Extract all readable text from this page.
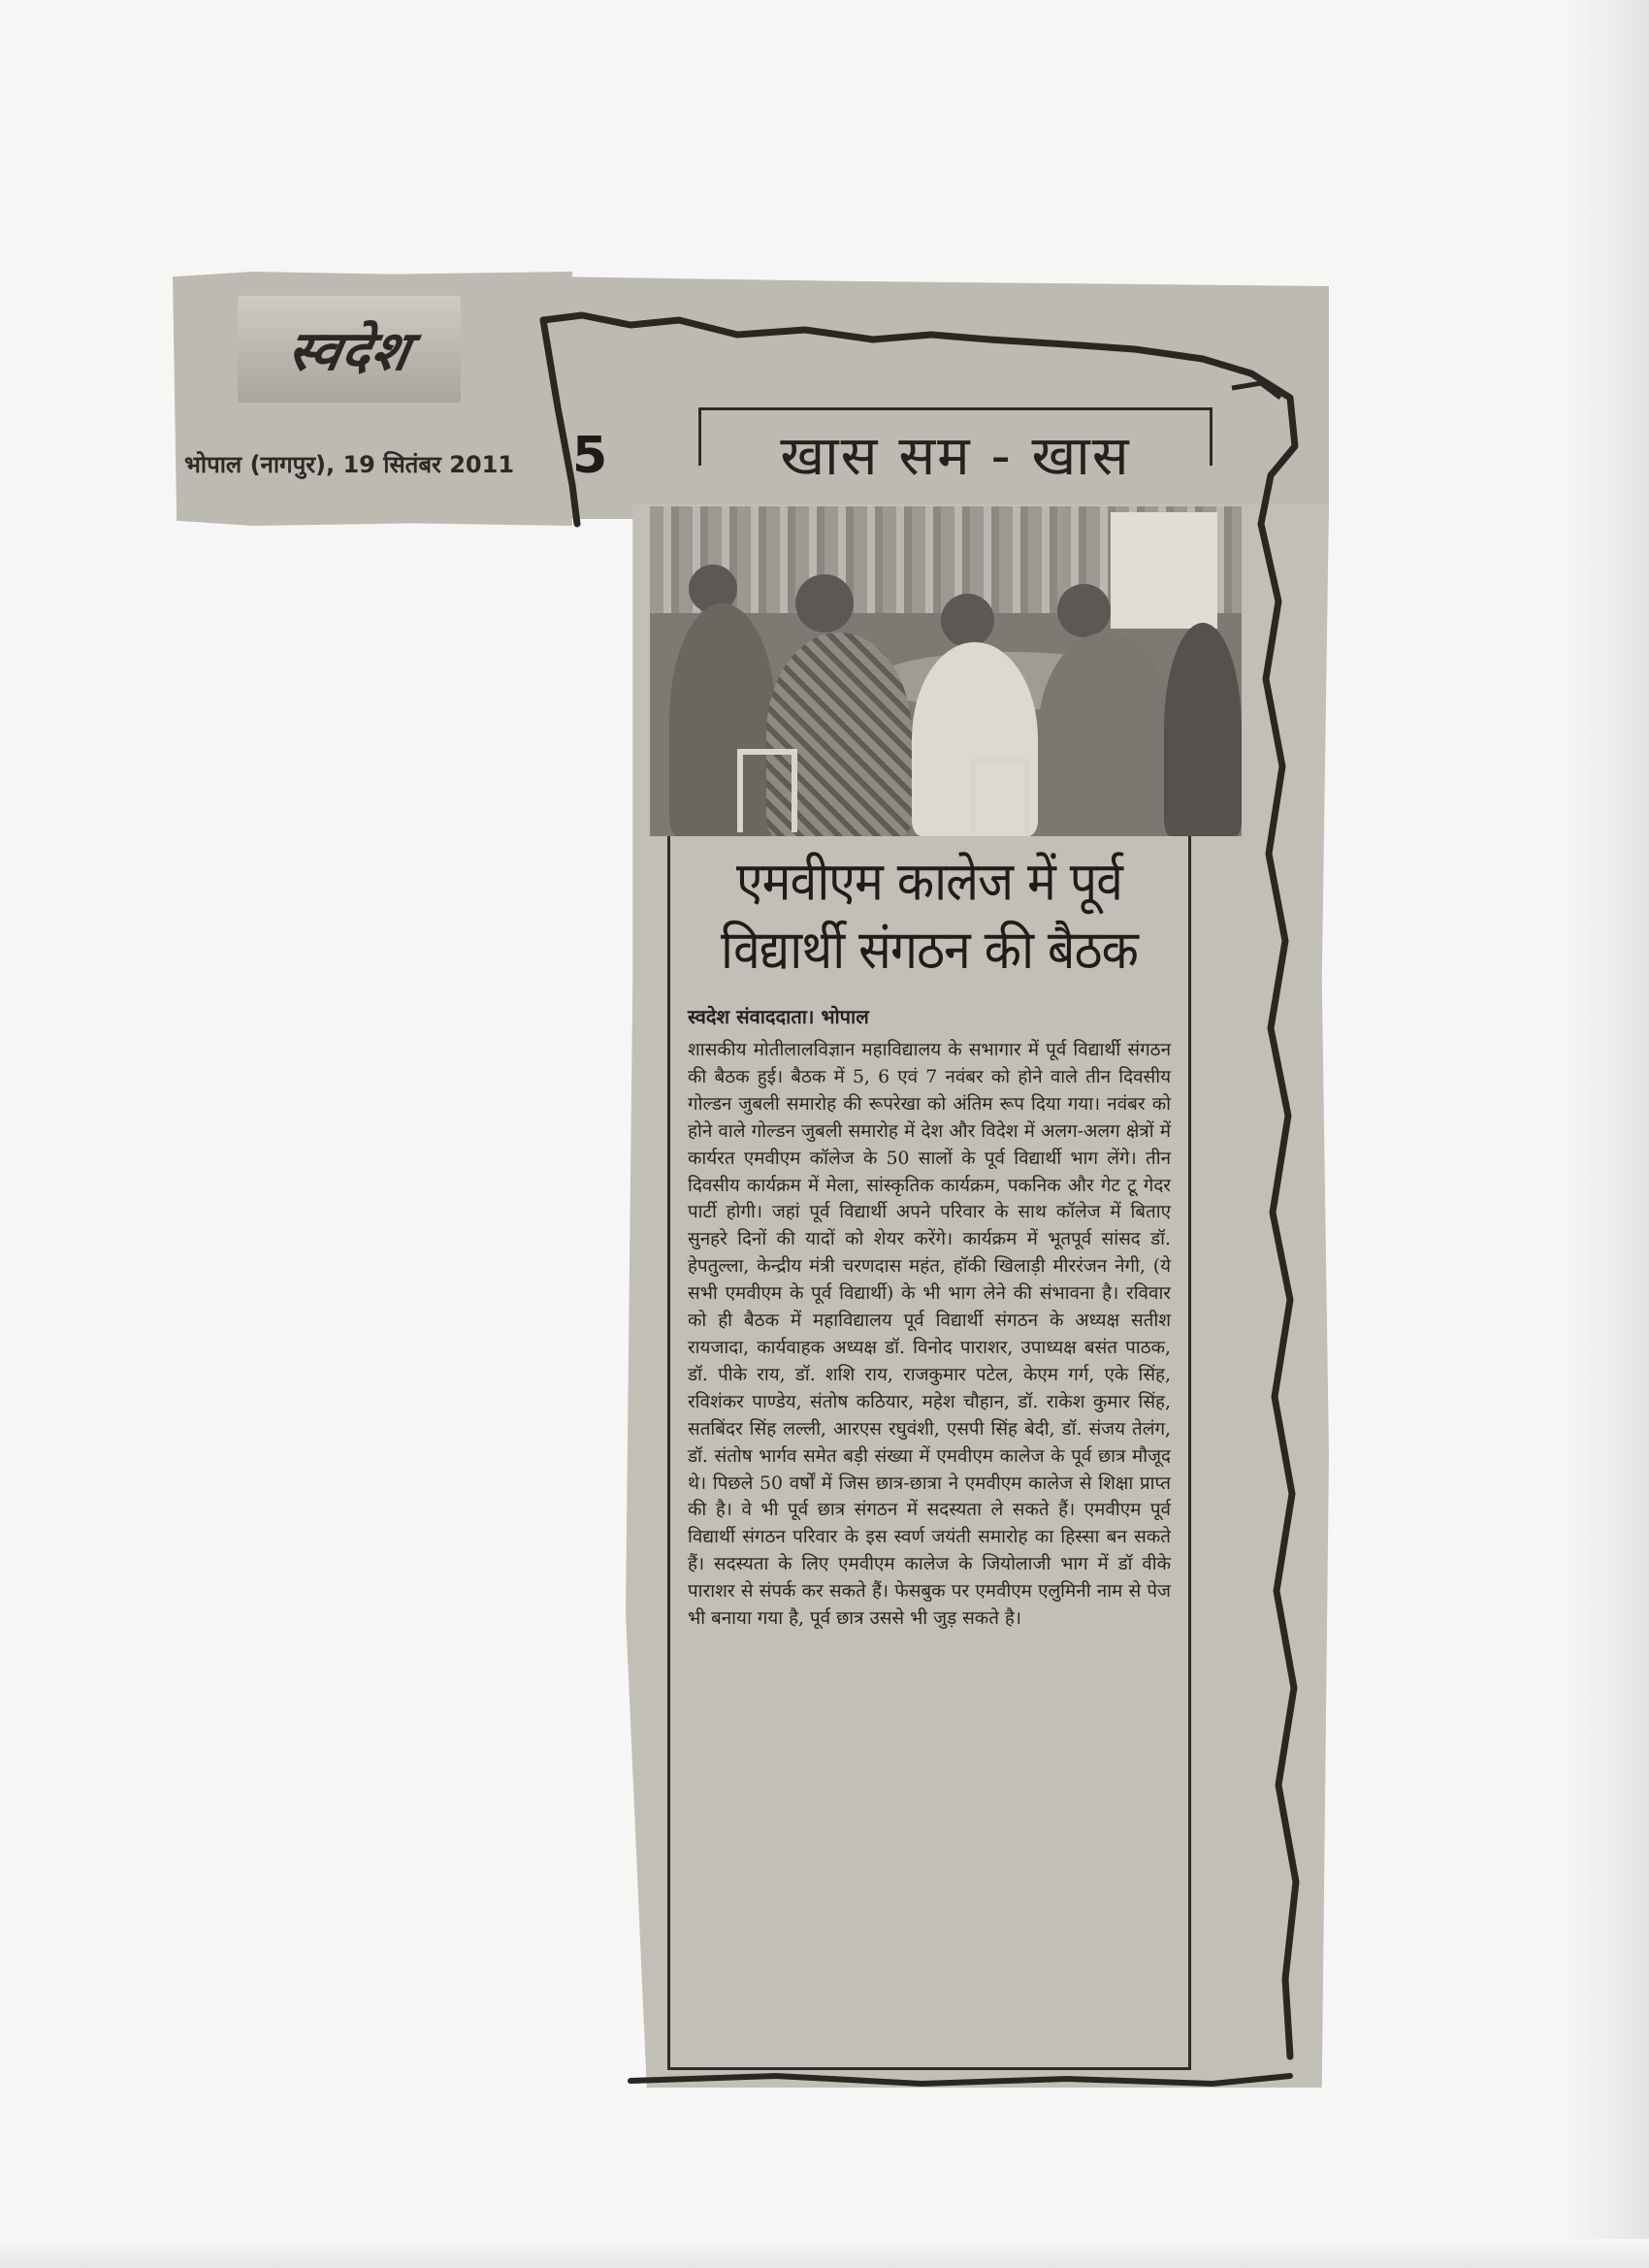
स्वदेश
भोपाल (नागपुर), 19 सितंबर 2011	5	खास सम - खास
एमवीएम कालेज में पूर्व
विद्यार्थी संगठन की बैठक
स्वदेश संवाददाता। भोपाल
शासकीय मोतीलालविज्ञान महाविद्यालय के सभागार में पूर्व विद्यार्थी संगठन की बैठक हुई। बैठक में 5, 6 एवं 7 नवंबर को होने वाले तीन दिवसीय गोल्डन जुबली समारोह की रूपरेखा को अंतिम रूप दिया गया। नवंबर को होने वाले गोल्डन जुबली समारोह में देश और विदेश में अलग-अलग क्षेत्रों में कार्यरत एमवीएम कॉलेज के 50 सालों के पूर्व विद्यार्थी भाग लेंगे। तीन दिवसीय कार्यक्रम में मेला, सांस्कृतिक कार्यक्रम, पकनिक और गेट टू गेदर पार्टी होगी। जहां पूर्व विद्यार्थी अपने परिवार के साथ कॉलेज में बिताए सुनहरे दिनों की यादों को शेयर करेंगे। कार्यक्रम में भूतपूर्व सांसद डॉ. हेपतुल्ला, केन्द्रीय मंत्री चरणदास महंत, हॉकी खिलाड़ी मीररंजन नेगी, (ये सभी एमवीएम के पूर्व विद्यार्थी) के भी भाग लेने की संभावना है। रविवार को ही बैठक में महाविद्यालय पूर्व विद्यार्थी संगठन के अध्यक्ष सतीश रायजादा, कार्यवाहक अध्यक्ष डॉ. विनोद पाराशर, उपाध्यक्ष बसंत पाठक, डॉ. पीके राय, डॉ. शशि राय, राजकुमार पटेल, केएम गर्ग, एके सिंह, रविशंकर पाण्डेय, संतोष कठियार, महेश चौहान, डॉ. राकेश कुमार सिंह, सतबिंदर सिंह लल्ली, आरएस रघुवंशी, एसपी सिंह बेदी, डॉ. संजय तेलंग, डॉ. संतोष भार्गव समेत बड़ी संख्या में एमवीएम कालेज के पूर्व छात्र मौजूद थे। पिछले 50 वर्षों में जिस छात्र-छात्रा ने एमवीएम कालेज से शिक्षा प्राप्त की है। वे भी पूर्व छात्र संगठन में सदस्यता ले सकते हैं। एमवीएम पूर्व विद्यार्थी संगठन परिवार के इस स्वर्ण जयंती समारोह का हिस्सा बन सकते हैं। सदस्यता के लिए एमवीएम कालेज के जियोलाजी भाग में डॉ वीके पाराशर से संपर्क कर सकते हैं। फेसबुक पर एमवीएम एलुमिनी नाम से पेज भी बनाया गया है, पूर्व छात्र उससे भी जुड़ सकते है।
